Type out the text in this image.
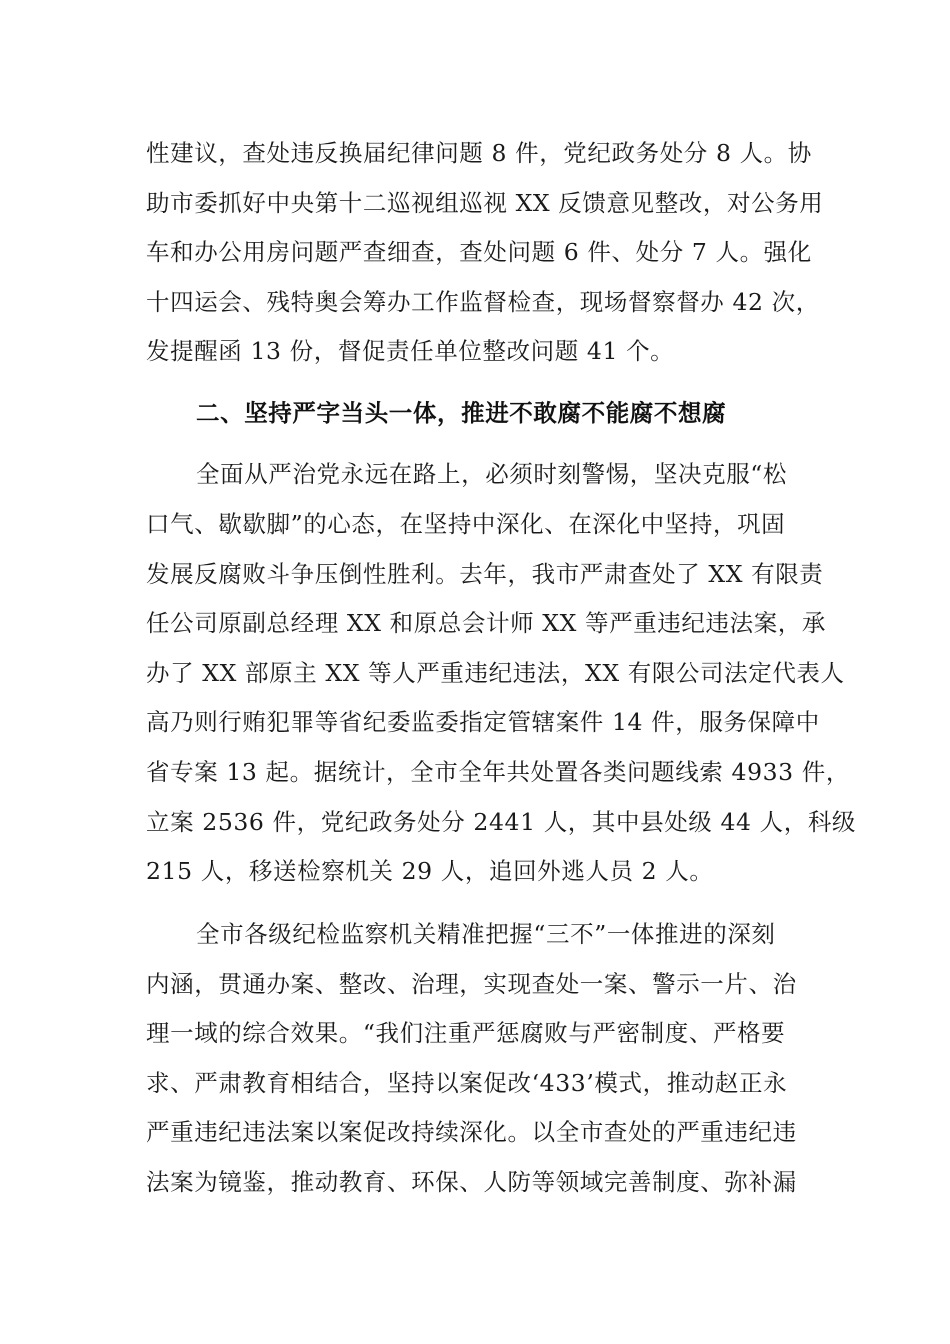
性建议，查处违反换届纪律问题 8 件，党纪政务处分 8 人。协
助市委抓好中央第十二巡视组巡视 XX 反馈意见整改，对公务用
车和办公用房问题严查细查，查处问题 6 件、处分 7 人。强化
十四运会、残特奥会筹办工作监督检查，现场督察督办 42 次，
发提醒函 13 份，督促责任单位整改问题 41 个。
二、坚持严字当头一体，推进不敢腐不能腐不想腐
全面从严治党永远在路上，必须时刻警惕，坚决克服“松
口气、歇歇脚”的心态，在坚持中深化、在深化中坚持，巩固
发展反腐败斗争压倒性胜利。去年，我市严肃查处了 XX 有限责
任公司原副总经理 XX 和原总会计师 XX 等严重违纪违法案，承
办了 XX 部原主 XX 等人严重违纪违法，XX 有限公司法定代表人
高乃则行贿犯罪等省纪委监委指定管辖案件 14 件，服务保障中
省专案 13 起。据统计，全市全年共处置各类问题线索 4933 件，
立案 2536 件，党纪政务处分 2441 人，其中县处级 44 人，科级
215 人，移送检察机关 29 人，追回外逃人员 2 人。
全市各级纪检监察机关精准把握“三不”一体推进的深刻
内涵，贯通办案、整改、治理，实现查处一案、警示一片、治
理一域的综合效果。“我们注重严惩腐败与严密制度、严格要
求、严肃教育相结合，坚持以案促改‘433’模式，推动赵正永
严重违纪违法案以案促改持续深化。以全市查处的严重违纪违
法案为镜鉴，推动教育、环保、人防等领域完善制度、弥补漏
